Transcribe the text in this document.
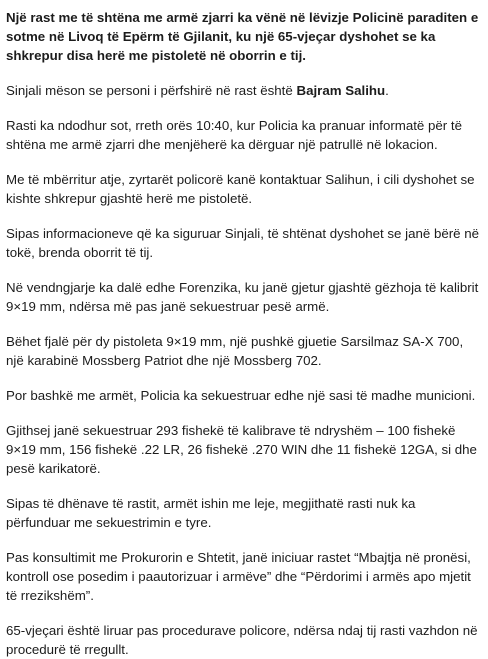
Një rast me të shtëna me armë zjarri ka vënë në lëvizje Policinë paraditen e sotme në Livoq të Epërm të Gjilanit, ku një 65-vjeçar dyshohet se ka shkrepur disa herë me pistoletë në oborrin e tij.

Sinjali mëson se personi i përfshirë në rast është Bajram Salihu.

Rasti ka ndodhur sot, rreth orës 10:40, kur Policia ka pranuar informatë për të shtëna me armë zjarri dhe menjëherë ka dërguar një patrullë në lokacion.

Me të mbërritur atje, zyrtarët policorë kanë kontaktuar Salihun, i cili dyshohet se kishte shkrepur gjashtë herë me pistoletë.

Sipas informacioneve që ka siguruar Sinjali, të shtënat dyshohet se janë bërë në tokë, brenda oborrit të tij.

Në vendngjarje ka dalë edhe Forenzika, ku janë gjetur gjashtë gëzhoja të kalibrit 9×19 mm, ndërsa më pas janë sekuestruar pesë armë.

Bëhet fjalë për dy pistoleta 9×19 mm, një pushkë gjuetie Sarsilmaz SA-X 700, një karabinë Mossberg Patriot dhe një Mossberg 702.

Por bashkë me armët, Policia ka sekuestruar edhe një sasi të madhe municioni.

Gjithsej janë sekuestruar 293 fishekë të kalibrave të ndryshëm – 100 fishekë 9×19 mm, 156 fishekë .22 LR, 26 fishekë .270 WIN dhe 11 fishekë 12GA, si dhe pesë karikatorë.

Sipas të dhënave të rastit, armët ishin me leje, megjithatë rasti nuk ka përfunduar me sekuestrimin e tyre.

Pas konsultimit me Prokurorin e Shtetit, janë iniciuar rastet “Mbajtja në pronësi, kontroll ose posedim i paautorizuar i armëve” dhe “Përdorimi i armës apo mjetit të rrezikshëm”.

65-vjeçari është liruar pas procedurave policore, ndërsa ndaj tij rasti vazhdon në procedurë të rregullt.
